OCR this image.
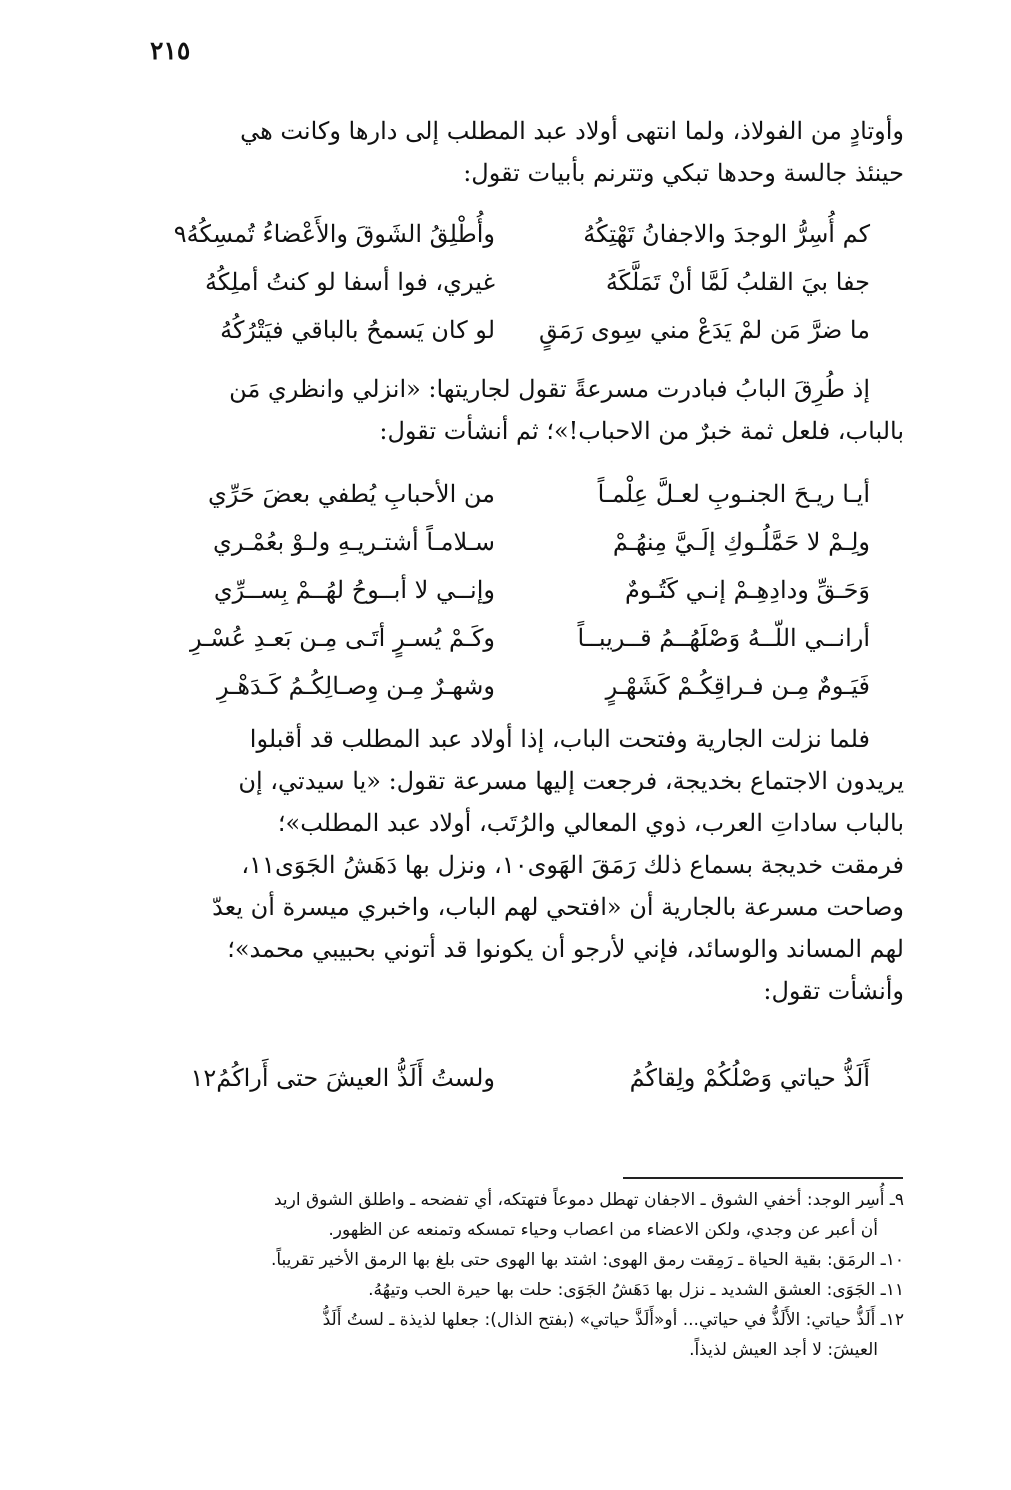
٢١٥
وأوتادٍ من الفولاذ، ولما انتهى أولاد عبد المطلب إلى دارها وكانت هي
حينئذ جالسة وحدها تبكي وتترنم بأبيات تقول:
كم أُسِرُّ الوجدَ والاجفانُ تَهْتِكُهُ
وأُطْلِقُ الشَوقَ والأَعْضاءُ تُمسِكُهُ٩
جفا بيَ القلبُ لَمَّا أنْ تَمَلَّكَهُ
غيري، فوا أسفا لو كنتُ أملِكُهُ
ما ضرَّ مَن لمْ يَدَعْ مني سِوى رَمَقٍ
لو كان يَسمحُ بالباقي فيَتْرُكُهُ
إذ طُرِقَ البابُ فبادرت مسرعةً تقول لجاريتها: «انزلي وانظري مَن
بالباب، فلعل ثمة خبرٌ من الاحباب!»؛ ثم أنشأت تقول:
أيـا ريـحَ الجنـوبِ لعـلَّ عِلْمـاً
من الأحبابِ يُطفي بعضَ حَرِّي
ولِـمْ لا حَمَّلُـوكِ إلَـيَّ مِنهُـمْ
سـلامـاً أشتـريـهِ ولـوْ بعُمْـري
وَحَـقِّ ودادِهِـمْ إنـي كَتُـومٌ
وإنــي لا أبــوحُ لهُــمْ بِســرِّي
أرانــي اللّــهُ وَصْلَهُــمُ قــريبــاً
وكَـمْ يُسـرٍ أتَـى مِـن بَعـدِ عُسْـرِ
فَيَـومٌ مِـن فـراقِكُـمْ كَشَهْـرٍ
وشهـرٌ مِـن وِصـالِكُـمُ كَـدَهْـرِ
فلما نزلت الجارية وفتحت الباب، إذا أولاد عبد المطلب قد أقبلوا
يريدون الاجتماع بخديجة، فرجعت إليها مسرعة تقول: «يا سيدتي، إن
بالباب ساداتِ العرب، ذوي المعالي والرُتَب، أولاد عبد المطلب»؛
فرمقت خديجة بسماع ذلك رَمَقَ الهَوى١٠، ونزل بها دَهَشُ الجَوَى١١،
وصاحت مسرعة بالجارية أن «افتحي لهم الباب، واخبري ميسرة أن يعدّ
لهم المساند والوسائد، فإني لأرجو أن يكونوا قد أتوني بحبيبي محمد»؛
وأنشأت تقول:
أَلَذُّ حياتي وَصْلُكُمْ ولِقاكُمُ
ولستُ أَلَذُّ العيشَ حتى أَراكُمُ١٢
٩ـ أُسِر الوجد: أخفي الشوق ـ الاجفان تهطل دموعاً فتهتكه، أي تفضحه ـ واطلق الشوق اريد
أن أعبر عن وجدي، ولكن الاعضاء من اعصاب وحياء تمسكه وتمنعه عن الظهور.
١٠ـ الرمَق: بقية الحياة ـ رَمِقت رمق الهوى: اشتد بها الهوى حتى بلغ بها الرمق الأخير تقريباً.
١١ـ الجَوَى: العشق الشديد ـ نزل بها دَهَشُ الجَوَى: حلت بها حيرة الحب وتيهُهُ.
١٢ـ أَلَذُّ حياتي: الأَلَذُّ في حياتي... أو«أَلَذَّ حياتي» (بفتح الذال): جعلها لذيذة ـ لستُ أَلَذُّ
العيشَ: لا أجد العيش لذيذاً.
